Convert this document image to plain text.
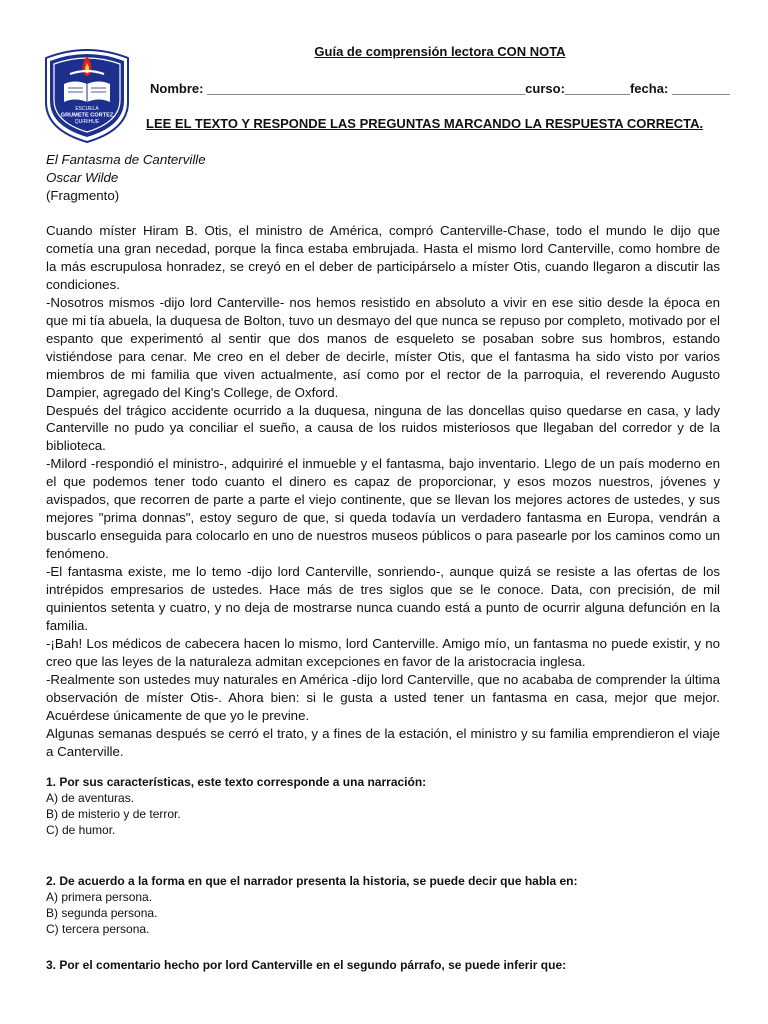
ESCUELA
GRUMETE CORTEZ
QUIRIHUE
Guía de comprensión lectora CON NOTA
Nombre: ____________________________________________curso:_________fecha: ________
LEE EL TEXTO Y RESPONDE LAS PREGUNTAS MARCANDO LA RESPUESTA CORRECTA.
El Fantasma de Canterville
Oscar Wilde
(Fragmento)

Cuando míster Hiram B. Otis, el ministro de América, compró Canterville-Chase, todo el mundo le dijo que cometía una gran necedad, porque la finca estaba embrujada. Hasta el mismo lord Canterville, como hombre de la más escrupulosa honradez, se creyó en el deber de participárselo a míster Otis, cuando llegaron a discutir las condiciones.

-Nosotros mismos -dijo lord Canterville- nos hemos resistido en absoluto a vivir en ese sitio desde la época en que mi tía abuela, la duquesa de Bolton, tuvo un desmayo del que nunca se repuso por completo, motivado por el espanto que experimentó al sentir que dos manos de esqueleto se posaban sobre sus hombros, estando vistiéndose para cenar. Me creo en el deber de decirle, míster Otis, que el fantasma ha sido visto por varios miembros de mi familia que viven actualmente, así como por el rector de la parroquia, el reverendo Augusto Dampier, agregado del King's College, de Oxford.

Después del trágico accidente ocurrido a la duquesa, ninguna de las doncellas quiso quedarse en casa, y lady Canterville no pudo ya conciliar el sueño, a causa de los ruidos misteriosos que llegaban del corredor y de la biblioteca.

-Milord -respondió el ministro-, adquiriré el inmueble y el fantasma, bajo inventario. Llego de un país moderno en el que podemos tener todo cuanto el dinero es capaz de proporcionar, y esos mozos nuestros, jóvenes y avispados, que recorren de parte a parte el viejo continente, que se llevan los mejores actores de ustedes, y sus mejores "prima donnas", estoy seguro de que, si queda todavía un verdadero fantasma en Europa, vendrán a buscarlo enseguida para colocarlo en uno de nuestros museos públicos o para pasearle por los caminos como un fenómeno.

-El fantasma existe, me lo temo -dijo lord Canterville, sonriendo-, aunque quizá se resiste a las ofertas de los intrépidos empresarios de ustedes. Hace más de tres siglos que se le conoce. Data, con precisión, de mil quinientos setenta y cuatro, y no deja de mostrarse nunca cuando está a punto de ocurrir alguna defunción en la familia.

-¡Bah! Los médicos de cabecera hacen lo mismo, lord Canterville. Amigo mío, un fantasma no puede existir, y no creo que las leyes de la naturaleza admitan excepciones en favor de la aristocracia inglesa.

-Realmente son ustedes muy naturales en América -dijo lord Canterville, que no acababa de comprender la última observación de míster Otis-. Ahora bien: si le gusta a usted tener un fantasma en casa, mejor que mejor. Acuérdese únicamente de que yo le previne.

Algunas semanas después se cerró el trato, y a fines de la estación, el ministro y su familia emprendieron el viaje a Canterville.

1. Por sus características, este texto corresponde a una narración:
A) de aventuras.
B) de misterio y de terror.
C) de humor.
2. De acuerdo a la forma en que el narrador presenta la historia, se puede decir que habla en:
A) primera persona.
B) segunda persona.
C) tercera persona.
3. Por el comentario hecho por lord Canterville en el segundo párrafo, se puede inferir que:
